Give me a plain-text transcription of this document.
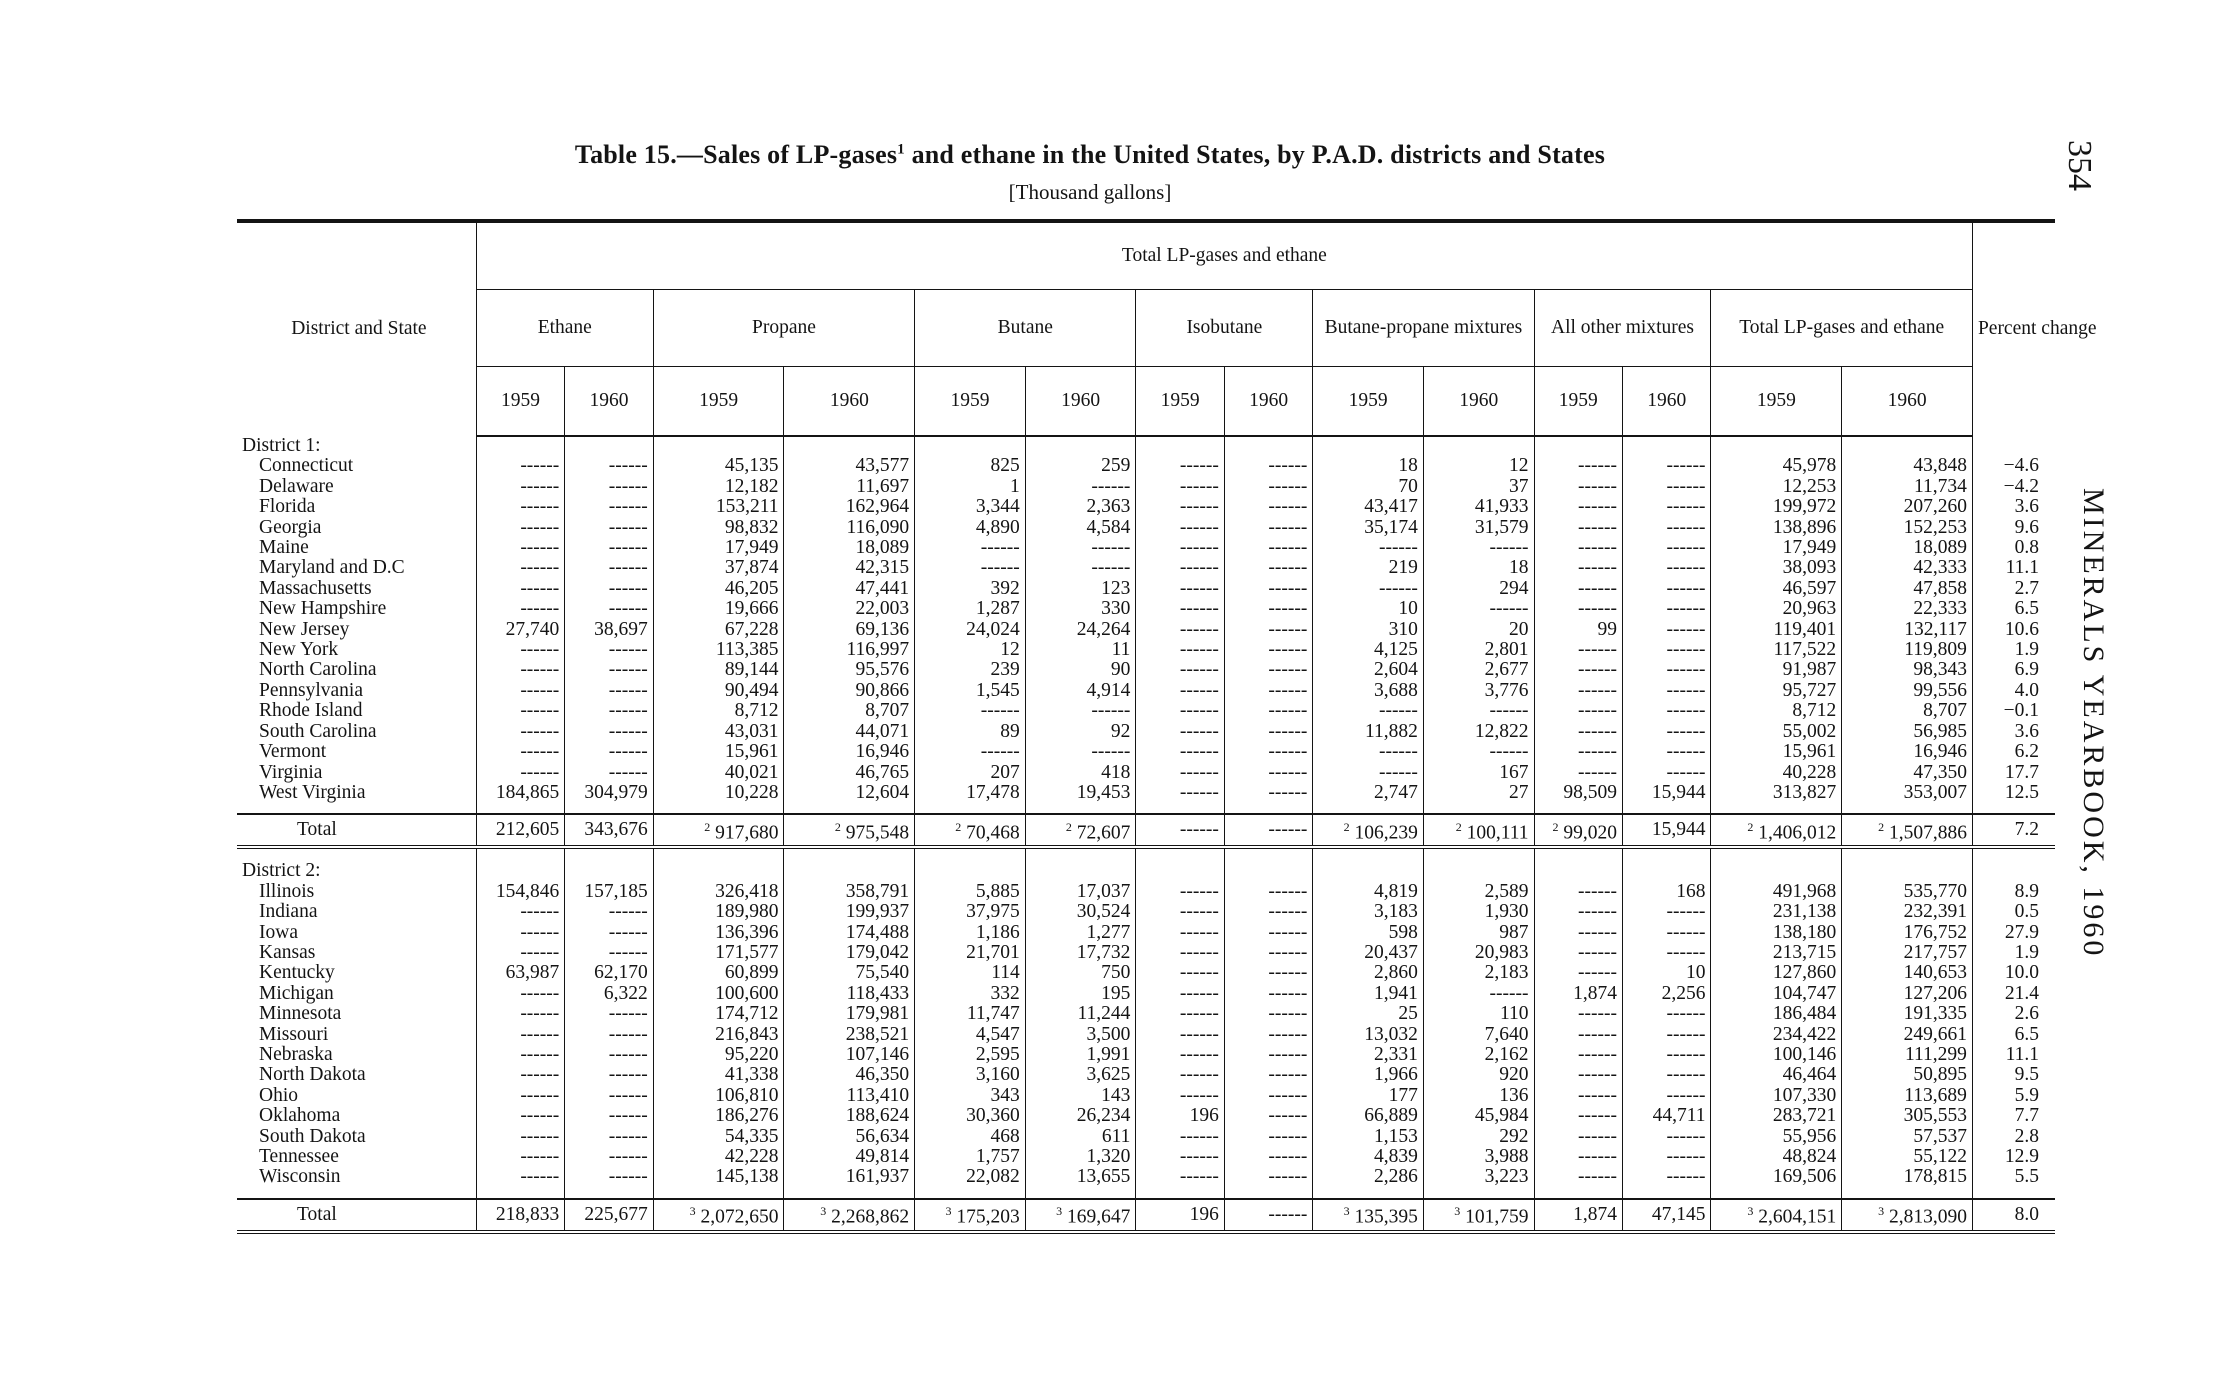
Table 15.—Sales of LP-gases$^1$ and ethane in the United States, by P.A.D. districts and States
[Thousand gallons]
354
MINERALS YEARBOOK, 1960
District and State	Total LP-gases and ethane														Percent change
	Ethane		Propane		Butane		Isobutane		Butane-propane mixtures		All other mixtures		Total LP-gases and ethane		
	1959	1960	1959	1960	1959	1960	1959	1960	1959	1960	1959	1960	1959	1960	
District 1:															
Connecticut	------	------	45,135	43,577	825	259	------	------	18	12	------	------	45,978	43,848	−4.6
Delaware	------	------	12,182	11,697	1	------	------	------	70	37	------	------	12,253	11,734	−4.2
Florida	------	------	153,211	162,964	3,344	2,363	------	------	43,417	41,933	------	------	199,972	207,260	3.6
Georgia	------	------	98,832	116,090	4,890	4,584	------	------	35,174	31,579	------	------	138,896	152,253	9.6
Maine	------	------	17,949	18,089	------	------	------	------	------	------	------	------	17,949	18,089	0.8
Maryland and D.C	------	------	37,874	42,315	------	------	------	------	219	18	------	------	38,093	42,333	11.1
Massachusetts	------	------	46,205	47,441	392	123	------	------	------	294	------	------	46,597	47,858	2.7
New Hampshire	------	------	19,666	22,003	1,287	330	------	------	10	------	------	------	20,963	22,333	6.5
New Jersey	27,740	38,697	67,228	69,136	24,024	24,264	------	------	310	20	99	------	119,401	132,117	10.6
New York	------	------	113,385	116,997	12	11	------	------	4,125	2,801	------	------	117,522	119,809	1.9
North Carolina	------	------	89,144	95,576	239	90	------	------	2,604	2,677	------	------	91,987	98,343	6.9
Pennsylvania	------	------	90,494	90,866	1,545	4,914	------	------	3,688	3,776	------	------	95,727	99,556	4.0
Rhode Island	------	------	8,712	8,707	------	------	------	------	------	------	------	------	8,712	8,707	−0.1
South Carolina	------	------	43,031	44,071	89	92	------	------	11,882	12,822	------	------	55,002	56,985	3.6
Vermont	------	------	15,961	16,946	------	------	------	------	------	------	------	------	15,961	16,946	6.2
Virginia	------	------	40,021	46,765	207	418	------	------	------	167	------	------	40,228	47,350	17.7
West Virginia	184,865	304,979	10,228	12,604	17,478	19,453	------	------	2,747	27	98,509	15,944	313,827	353,007	12.5

Total	212,605	343,676	$^2$ 917,680	$^2$ 975,548	$^2$ 70,468	$^2$ 72,607	------	------	$^2$ 106,239	$^2$ 100,111	$^2$ 99,020	15,944	$^2$ 1,406,012	$^2$ 1,507,886	7.2

District 2:															
Illinois	154,846	157,185	326,418	358,791	5,885	17,037	------	------	4,819	2,589	------	168	491,968	535,770	8.9
Indiana	------	------	189,980	199,937	37,975	30,524	------	------	3,183	1,930	------	------	231,138	232,391	0.5
Iowa	------	------	136,396	174,488	1,186	1,277	------	------	598	987	------	------	138,180	176,752	27.9
Kansas	------	------	171,577	179,042	21,701	17,732	------	------	20,437	20,983	------	------	213,715	217,757	1.9
Kentucky	63,987	62,170	60,899	75,540	114	750	------	------	2,860	2,183	------	10	127,860	140,653	10.0
Michigan	------	6,322	100,600	118,433	332	195	------	------	1,941	------	1,874	2,256	104,747	127,206	21.4
Minnesota	------	------	174,712	179,981	11,747	11,244	------	------	25	110	------	------	186,484	191,335	2.6
Missouri	------	------	216,843	238,521	4,547	3,500	------	------	13,032	7,640	------	------	234,422	249,661	6.5
Nebraska	------	------	95,220	107,146	2,595	1,991	------	------	2,331	2,162	------	------	100,146	111,299	11.1
North Dakota	------	------	41,338	46,350	3,160	3,625	------	------	1,966	920	------	------	46,464	50,895	9.5
Ohio	------	------	106,810	113,410	343	143	------	------	177	136	------	------	107,330	113,689	5.9
Oklahoma	------	------	186,276	188,624	30,360	26,234	196	------	66,889	45,984	------	44,711	283,721	305,553	7.7
South Dakota	------	------	54,335	56,634	468	611	------	------	1,153	292	------	------	55,956	57,537	2.8
Tennessee	------	------	42,228	49,814	1,757	1,320	------	------	4,839	3,988	------	------	48,824	55,122	12.9
Wisconsin	------	------	145,138	161,937	22,082	13,655	------	------	2,286	3,223	------	------	169,506	178,815	5.5

Total	218,833	225,677	$^3$ 2,072,650	$^3$ 2,268,862	$^3$ 175,203	$^3$ 169,647	196	------	$^3$ 135,395	$^3$ 101,759	1,874	47,145	$^3$ 2,604,151	$^3$ 2,813,090	8.0
